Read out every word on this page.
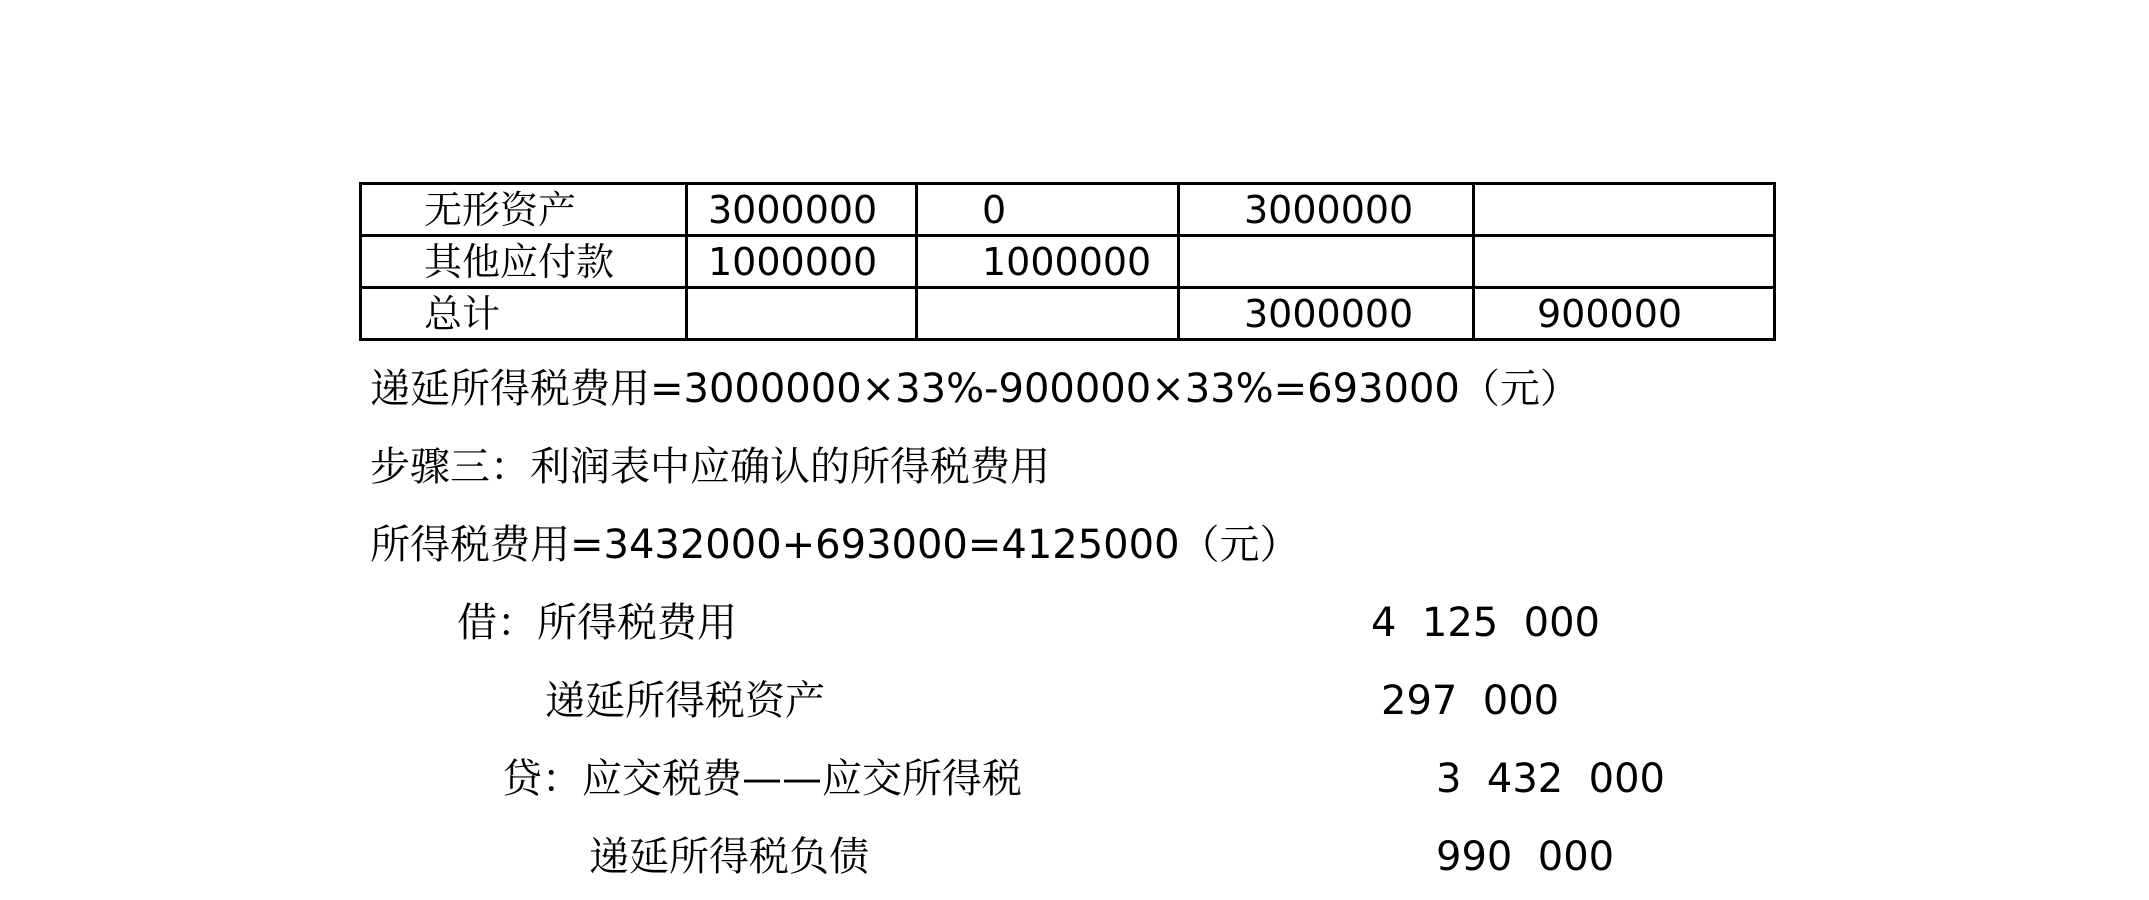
无形资产	3000000	0	3000000	
其他应付款	1000000	1000000		
总计			3000000	900000
递延所得税费用=3000000×33%-900000×33%=693000（元）
步骤三：利润表中应确认的所得税费用
所得税费用=3432000+693000=4125000（元）
借：所得税费用	4  125  000
递延所得税资产	297  000
贷：应交税费——应交所得税	3  432  000
递延所得税负债	990  000
